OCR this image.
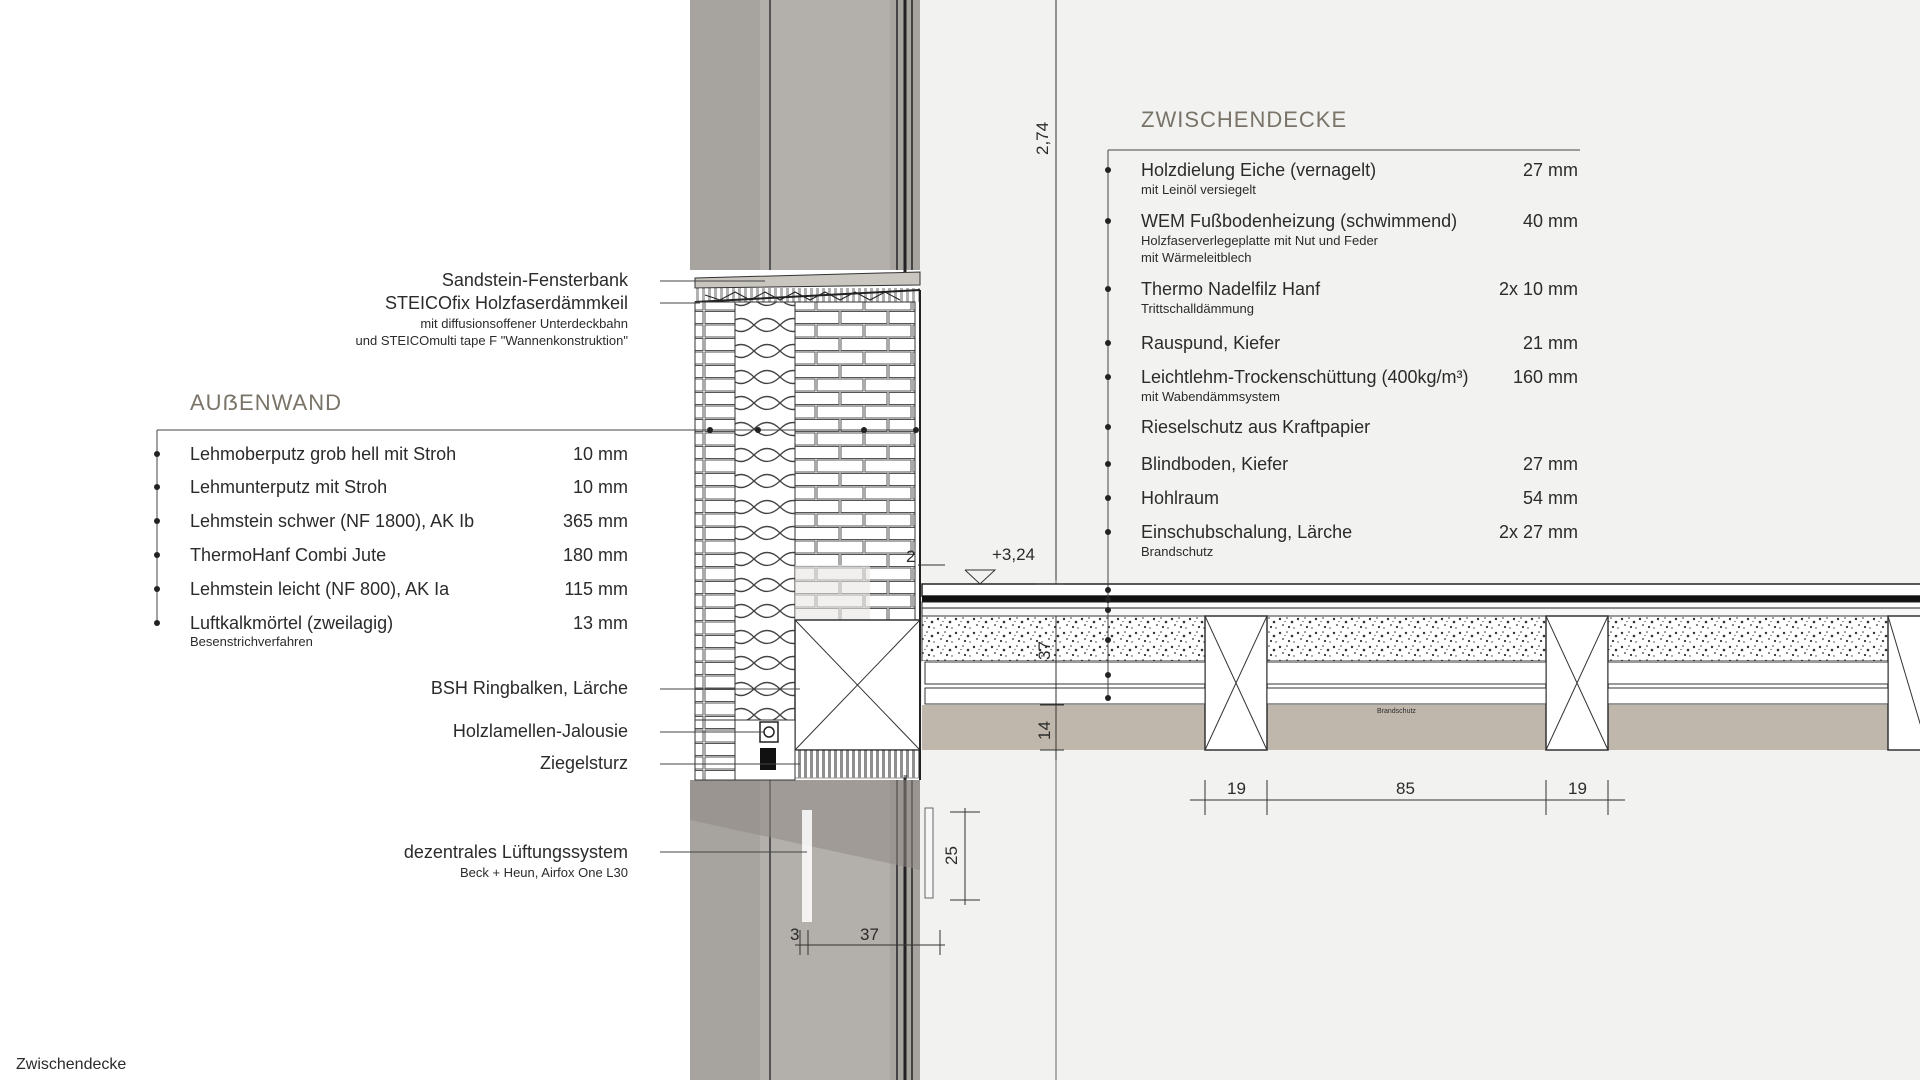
Brandschutz
AUẞENWAND
Lehmoberputz grob hell mit Stroh	10 mm
Lehmunterputz mit Stroh	10 mm
Lehmstein schwer (NF 1800), AK Ib	365 mm
ThermoHanf Combi Jute	180 mm
Lehmstein leicht (NF 800), AK Ia	115 mm
Luftkalkmörtel (zweilagig)	13 mm
Besenstrichverfahren
ZWISCHENDECKE
Holzdielung Eiche (vernagelt)	27 mm
mit Leinöl versiegelt
WEM Fußbodenheizung (schwimmend)	40 mm
Holzfaserverlegeplatte mit Nut und Feder
mit Wärmeleitblech
Thermo Nadelfilz Hanf	2x 10 mm
Trittschalldämmung
Rauspund, Kiefer	21 mm
Leichtlehm-Trockenschüttung (400kg/m³) 160 mm
mit Wabendämmsystem
Rieselschutz aus Kraftpapier
Blindboden, Kiefer	27 mm
Hohlraum	54 mm
Einschubschalung, Lärche	2x 27 mm
Brandschutz
Sandstein-Fensterbank
STEICOfix Holzfaserdämmkeil
mit diffusionsoffener Unterdeckbahn
und STEICOmulti tape F "Wannenkonstruktion"
BSH Ringbalken, Lärche
Holzlamellen-Jalousie
Ziegelsturz
dezentrales Lüftungssystem
Beck + Heun, Airfox One L30
2,74
+3,24
2
37
14
19	85	19
25
3	37
Zwischendecke
